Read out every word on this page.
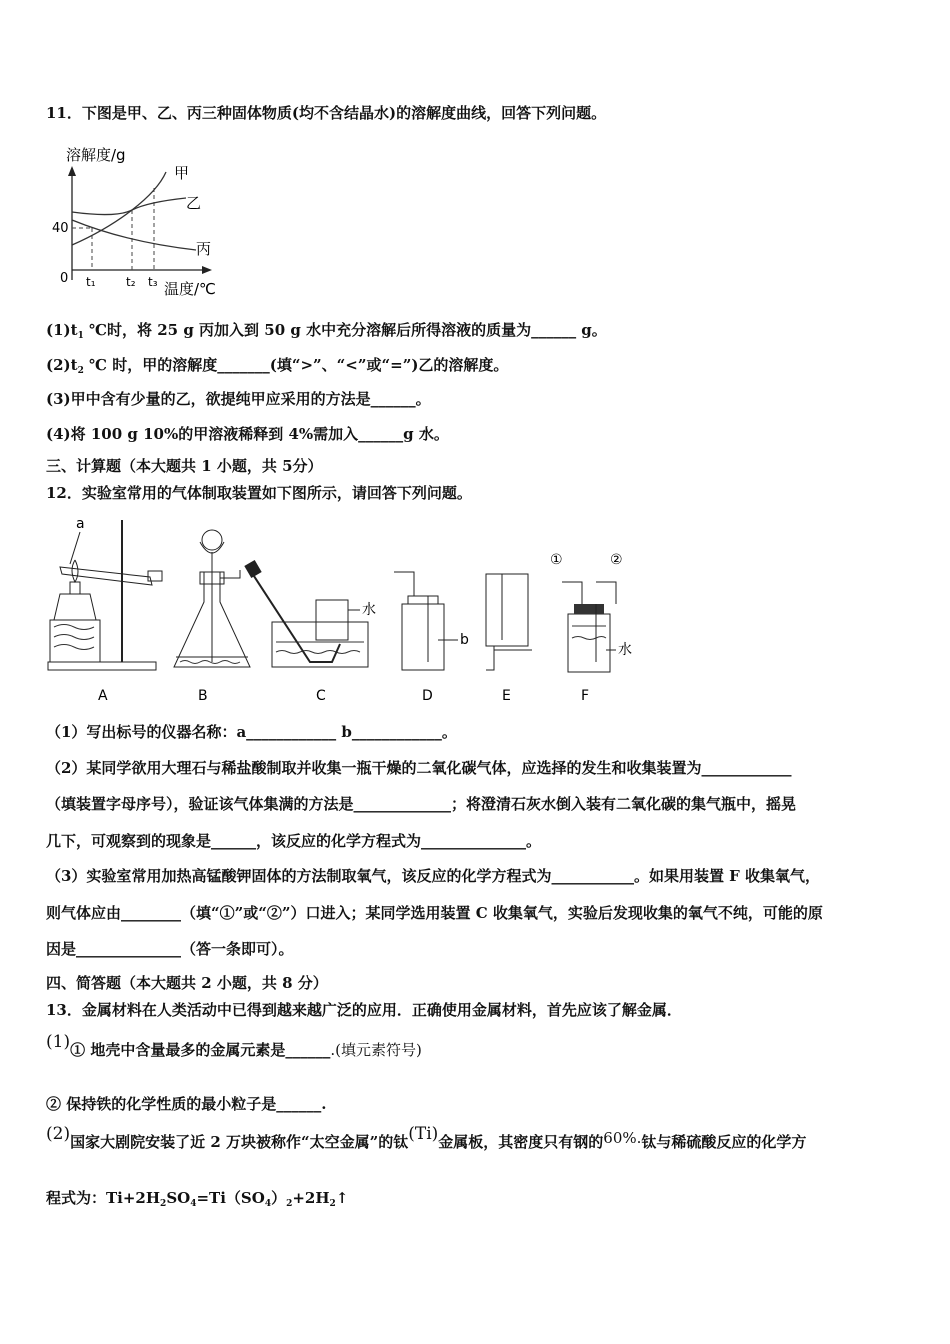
11．下图是甲、乙、丙三种固体物质(均不含结晶水)的溶解度曲线，回答下列问题。
溶解度/g
0
40
甲
乙
丙
t₁	t₂ t₃ 温度/℃
$(1)t_1$ ℃时，将 25 g 丙加入到 50 g 水中充分溶解后所得溶液的质量为______ g。
$(2)t_2$ ℃ 时，甲的溶解度_______(填“>”、“<”或“=”)乙的溶解度。
(3)甲中含有少量的乙，欲提纯甲应采用的方法是______。
(4)将 100 g 10%的甲溶液稀释到 4%需加入______g 水。
三、计算题（本大题共 1 小题，共 5分）
12．实验室常用的气体制取装置如下图所示，请回答下列问题。
a
A	B
水
C
b
D	E
①	②
水
F
（1）写出标号的仪器名称：a____________ b____________。
（2）某同学欲用大理石与稀盐酸制取并收集一瓶干燥的二氧化碳气体，应选择的发生和收集装置为____________
（填装置字母序号），验证该气体集满的方法是_____________；将澄清石灰水倒入装有二氧化碳的集气瓶中，摇晃
几下，可观察到的现象是______，该反应的化学方程式为______________。
（3）实验室常用加热高锰酸钾固体的方法制取氧气，该反应的化学方程式为___________。如果用装置 F 收集氧气，
则气体应由________（填“①”或“②”）口进入；某同学选用装置 C 收集氧气，实验后发现收集的氧气不纯，可能的原
因是______________（答一条即可）。
四、简答题（本大题共 2 小题，共 8 分）
13．金属材料在人类活动中已得到越来越广泛的应用．正确使用金属材料，首先应该了解金属．
(1)① 地壳中含量最多的金属元素是______.(填元素符号)
② 保持铁的化学性质的最小粒子是______.
(2)国家大剧院安装了近 2 万块被称作“太空金属”的钛(Ti)金属板，其密度只有钢的60%.钛与稀硫酸反应的化学方
程式为：$Ti+2H_2SO_4=Ti(SO_4)_2+2H_2↑$
